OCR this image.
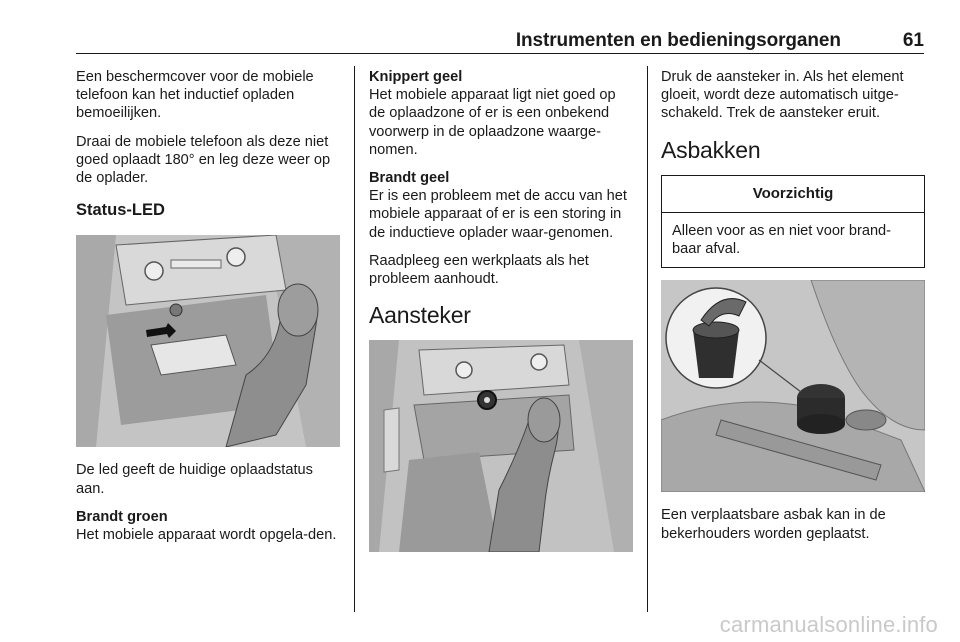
Instrumenten en bedieningsorganen	61

Een beschermcover voor de mobiele telefoon kan het inductief opladen bemoeilijken.

Draai de mobiele telefoon als deze niet goed oplaadt 180° en leg deze weer op de oplader.

Status-LED

De led geeft de huidige oplaadstatus aan.

Brandt groen

Het mobiele apparaat wordt opgela-den.

Knippert geel

Het mobiele apparaat ligt niet goed op de oplaadzone of er is een onbekend voorwerp in de oplaadzone waarge-nomen.

Brandt geel

Er is een probleem met de accu van het mobiele apparaat of er is een storing in de inductieve oplader waar-genomen.

Raadpleeg een werkplaats als het probleem aanhoudt.

Aansteker

Druk de aansteker in. Als het element gloeit, wordt deze automatisch uitge-schakeld. Trek de aansteker eruit.

Asbakken
Voorzichtig
Alleen voor as en niet voor brand-baar afval.

Een verplaatsbare asbak kan in de bekerhouders worden geplaatst.

carmanualsonline.info
